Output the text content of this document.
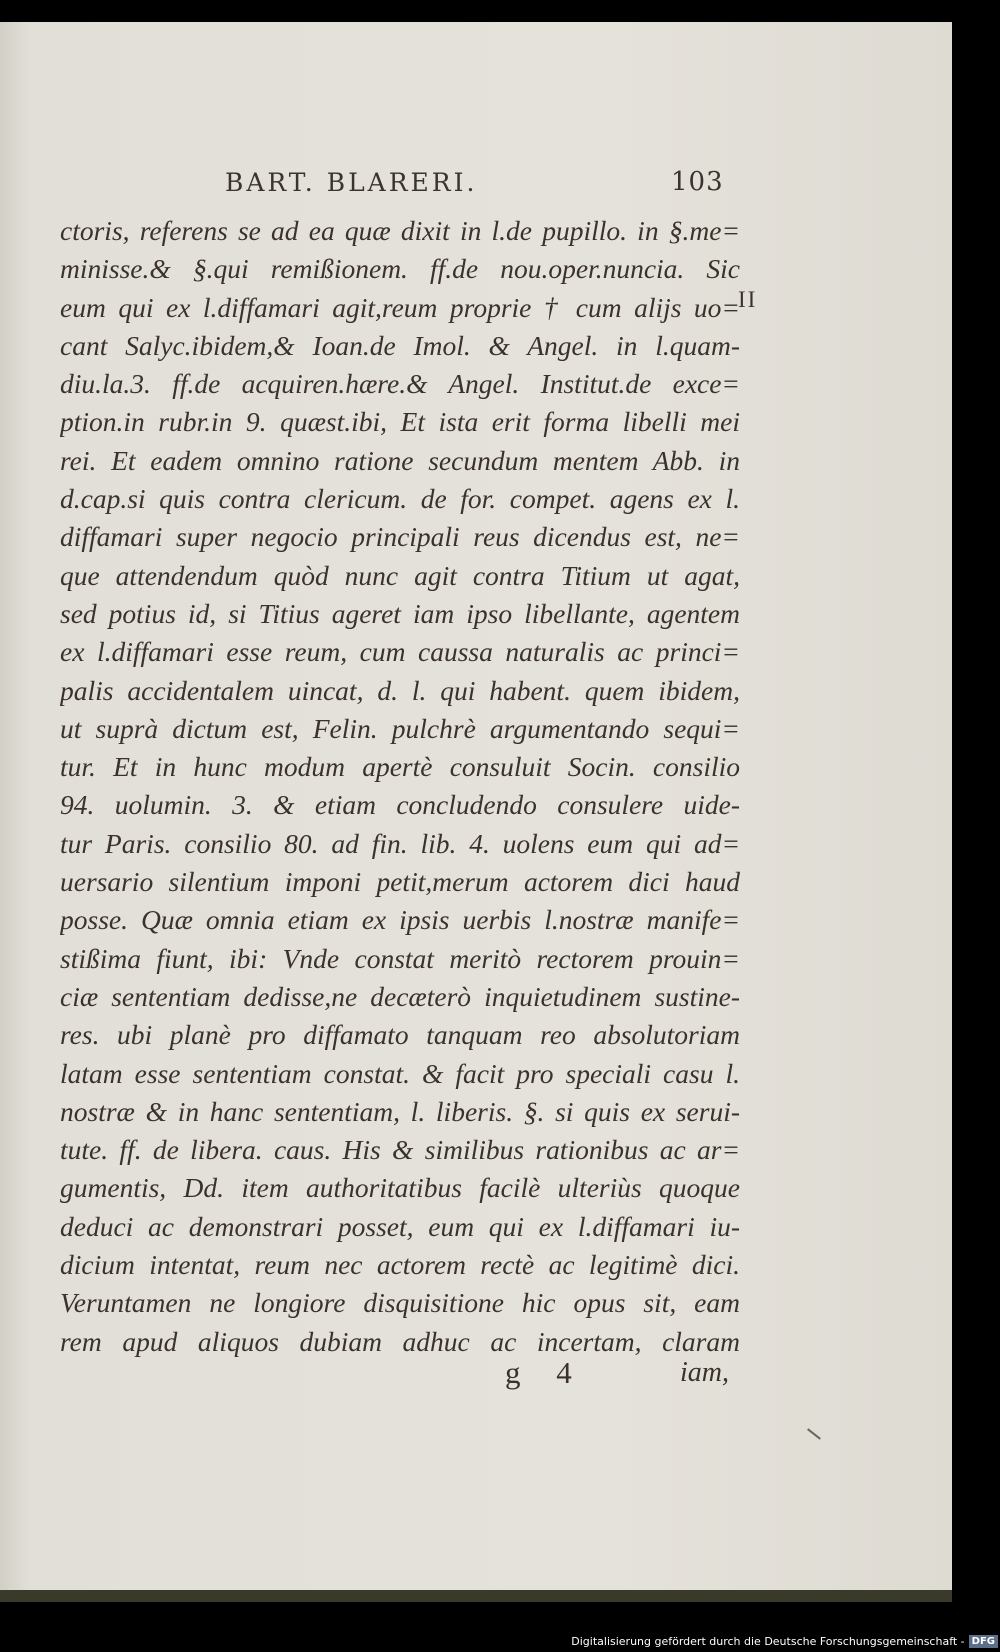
BART. BLARERI.	103
ctoris, referens se ad ea quæ dixit in l.de pupillo. in §.me=
minisse.& §.qui remißionem. ff.de nou.oper.nuncia. Sic
eum qui ex l.diffamari agit,reum proprie † cum alijs uo=
cant Salyc.ibidem,& Ioan.de Imol. & Angel. in l.quam-
diu.la.3. ff.de acquiren.hære.& Angel. Institut.de exce=
ption.in rubr.in 9. quæst.ibi, Et ista erit forma libelli mei
rei. Et eadem omnino ratione secundum mentem Abb. in
d.cap.si quis contra clericum. de for. compet. agens ex l.
diffamari super negocio principali reus dicendus est, ne=
que attendendum quòd nunc agit contra Titium ut agat,
sed potius id, si Titius ageret iam ipso libellante, agentem
ex l.diffamari esse reum, cum caussa naturalis ac princi=
palis accidentalem uincat, d. l. qui habent. quem ibidem,
ut suprà dictum est, Felin. pulchrè argumentando sequi=
tur. Et in hunc modum apertè consuluit Socin. consilio
94. uolumin. 3. & etiam concludendo consulere uide-
tur Paris. consilio 80. ad fin. lib. 4. uolens eum qui ad=
uersario silentium imponi petit,merum actorem dici haud
posse. Quæ omnia etiam ex ipsis uerbis l.nostræ manife=
stißima fiunt, ibi: Vnde constat meritò rectorem prouin=
ciæ sententiam dedisse,ne decæterò inquietudinem sustine-
res. ubi planè pro diffamato tanquam reo absolutoriam
latam esse sententiam constat. & facit pro speciali casu l.
nostræ & in hanc sententiam, l. liberis. §. si quis ex serui-
tute. ff. de libera. caus. His & similibus rationibus ac ar=
gumentis, Dd. item authoritatibus facilè ulteriùs quoque
deduci ac demonstrari posset, eum qui ex l.diffamari iu-
dicium intentat, reum nec actorem rectè ac legitimè dici.
Veruntamen ne longiore disquisitione hic opus sit, eam
rem apud aliquos dubiam adhuc ac incertam, claram
II
g 4	iam,
Digitalisierung gefördert durch die Deutsche Forschungsgemeinschaft - DFG
